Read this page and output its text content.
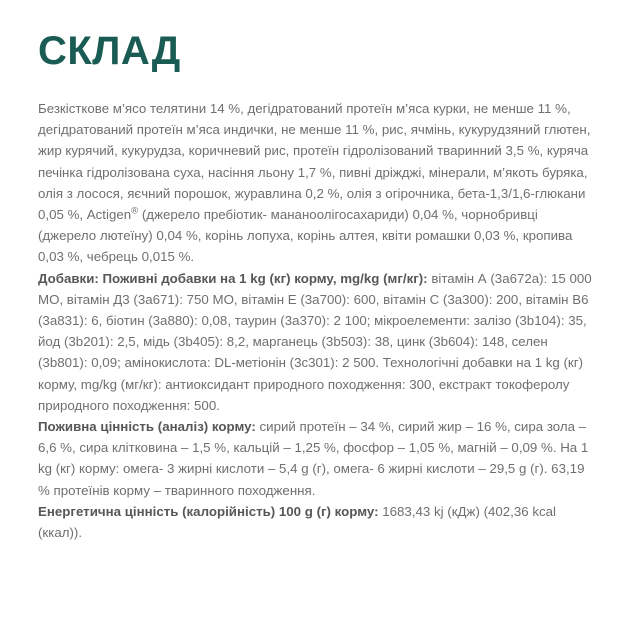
СКЛАД

Безкісткове м’ясо телятини 14 %, дегідратований протеїн м’яса курки, не менше 11 %, дегідратований протеїн м’яса индички, не менше 11 %, рис, ячмінь, кукурудзяний глютен, жир курячий, кукурудза, коричневий рис, протеїн гідролізований тваринний 3,5 %, куряча печінка гідролізована суха, насіння льону 1,7 %, пивні дріжджі, мінерали, м’якоть буряка, олія з лосося, яєчний порошок, журавлина 0,2 %, олія з огірочника, бета-1,3/1,6-глюкани 0,05 %, Actigen® (джерело пребіотик- мананоолігосахариди) 0,04 %, чорнобривці (джерело лютеїну) 0,04 %, корінь лопуха, корінь алтея, квіти ромашки 0,03 %, кропива 0,03 %, чебрець 0,015 %.

Добавки: Поживні добавки на 1 kg (кг) корму, mg/kg (мг/кг): вітамін А (3а672а): 15 000 МО, вітамін Д3 (3а671): 750 МО, вітамін Е (3а700): 600, вітамін С (3а300): 200, вітамін В6 (3а831): 6, біотин (3а880): 0,08, таурин (3а370): 2 100; мікроелементи: залізо (3b104): 35, йод (3b201): 2,5, мідь (3b405): 8,2, марганець (3b503): 38, цинк (3b604): 148, селен (3b801): 0,09; амінокислота: DL-метіонін (3с301): 2 500. Технологічні добавки на 1 kg (кг) корму, mg/kg (мг/кг): антиоксидант природного походження: 300, екстракт токоферолу природного походження: 500.

Поживна цінність (аналіз) корму: сирий протеїн – 34 %, сирий жир – 16 %, сира зола – 6,6 %, сира клітковина – 1,5 %, кальцій – 1,25 %, фосфор – 1,05 %, магній – 0,09 %. На 1 kg (кг) корму: омега- 3 жирні кислоти – 5,4 g (г), омега- 6 жирні кислоти – 29,5 g (г). 63,19 % протеїнів корму – тваринного походження.

Енергетична цінність (калорійність) 100 g (г) корму: 1683,43 kj (кДж) (402,36 kcal (ккал)).
